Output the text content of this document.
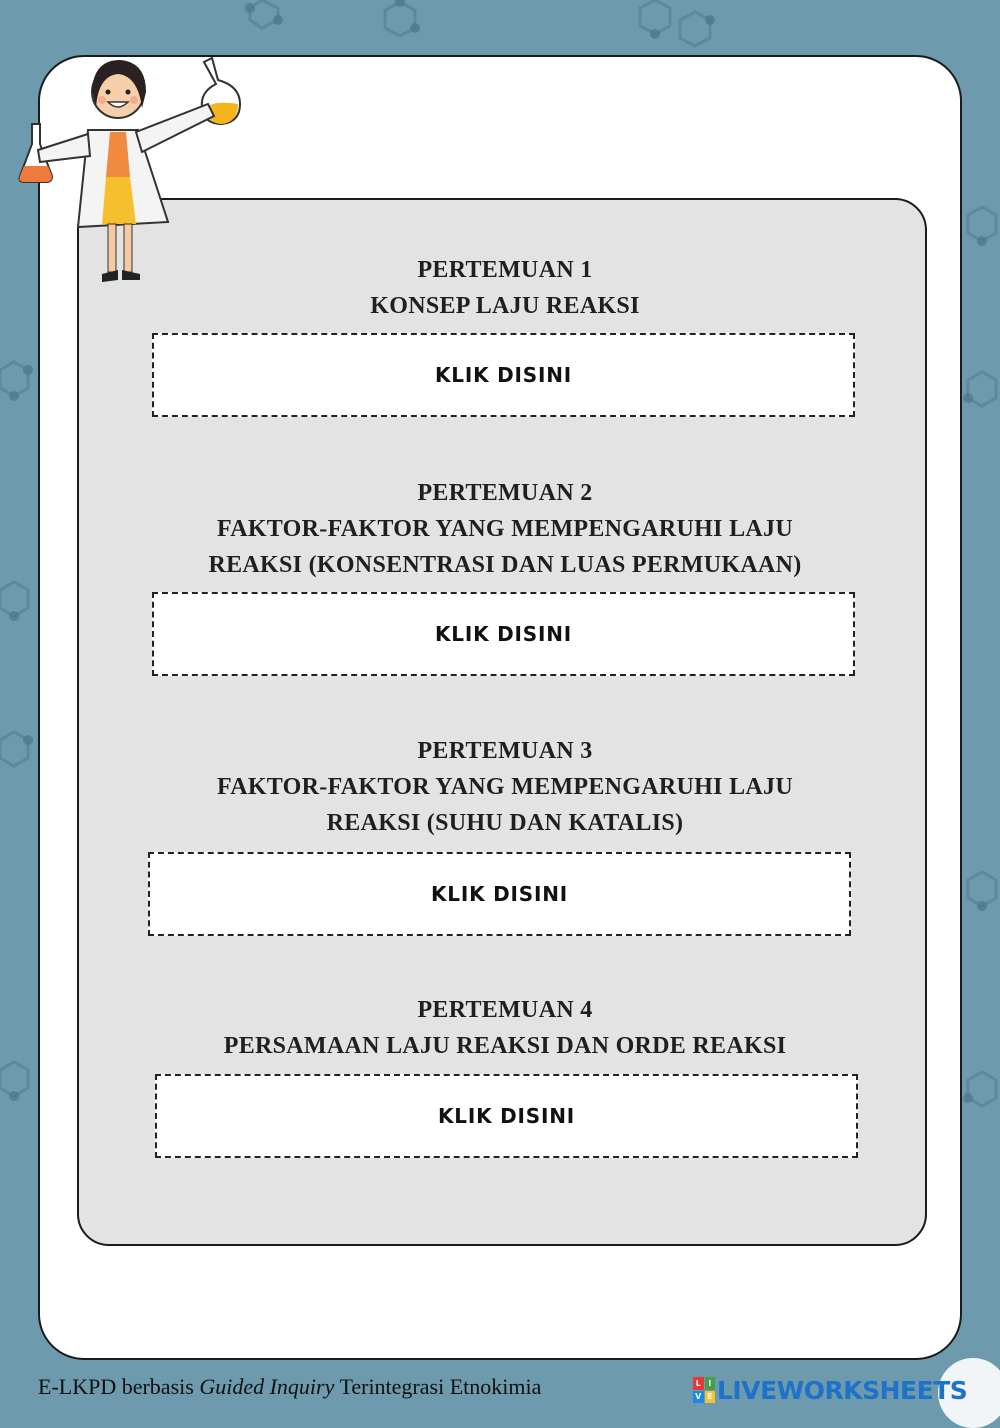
PERTEMUAN 1
KONSEP LAJU REAKSI
KLIK DISINI
PERTEMUAN 2
FAKTOR-FAKTOR YANG MEMPENGARUHI LAJU
REAKSI (KONSENTRASI DAN LUAS PERMUKAAN)
KLIK DISINI
PERTEMUAN 3
FAKTOR-FAKTOR YANG MEMPENGARUHI LAJU
REAKSI (SUHU DAN KATALIS)
KLIK DISINI
PERTEMUAN 4
PERSAMAAN LAJU REAKSI DAN ORDE REAKSI
KLIK DISINI
E-LKPD berbasis Guided Inquiry Terintegrasi Etnokimia	L I
V E LIVEWORKSHEETS
